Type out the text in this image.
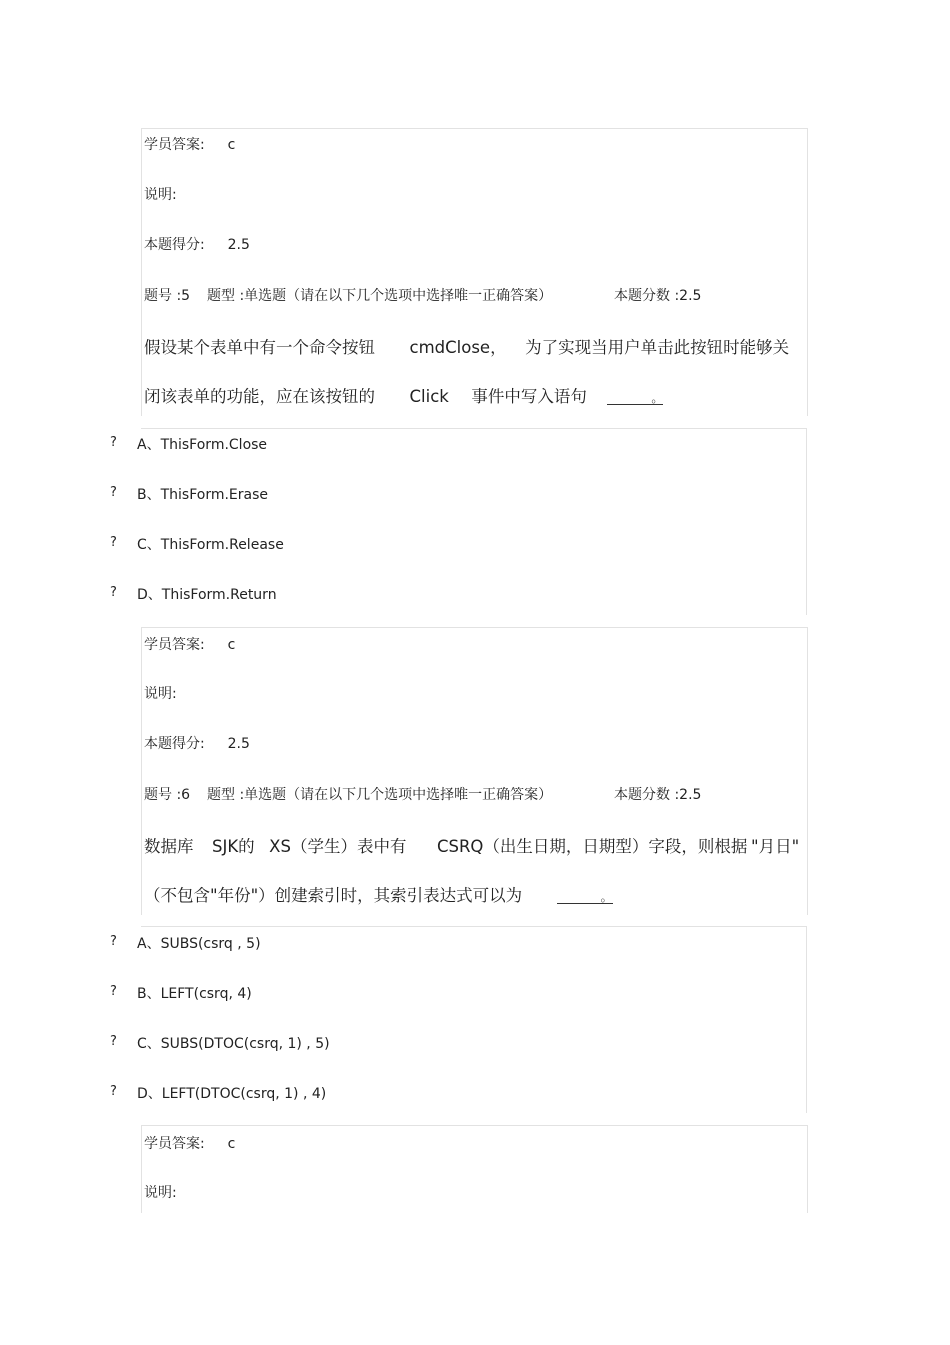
学员答案: c
说明:
本题得分: 2.5
题号 :5 题型 :单选题（请在以下几个选项中选择唯一正确答案）	本题分数 :2.5
假设某个表单中有一个命令按钮 cmdClose， 为了实现当用户单击此按钮时能够关
闭该表单的功能，应在该按钮的 Click 事件中写入语句	。
? A、ThisForm.Close
? B、ThisForm.Erase
? C、ThisForm.Release
? D、ThisForm.Return
学员答案: c
说明:
本题得分: 2.5
题号 :6 题型 :单选题（请在以下几个选项中选择唯一正确答案）	本题分数 :2.5
数据库 SJK的 XS（学生）表中有 CSRQ（出生日期，日期型）字段，则根据 "月日"
（不包含"年份"）创建索引时，其索引表达式可以为	。
? A、SUBS(csrq , 5)
? B、LEFT(csrq, 4)
? C、SUBS(DTOC(csrq, 1) , 5)
? D、LEFT(DTOC(csrq, 1) , 4)
学员答案: c
说明:
